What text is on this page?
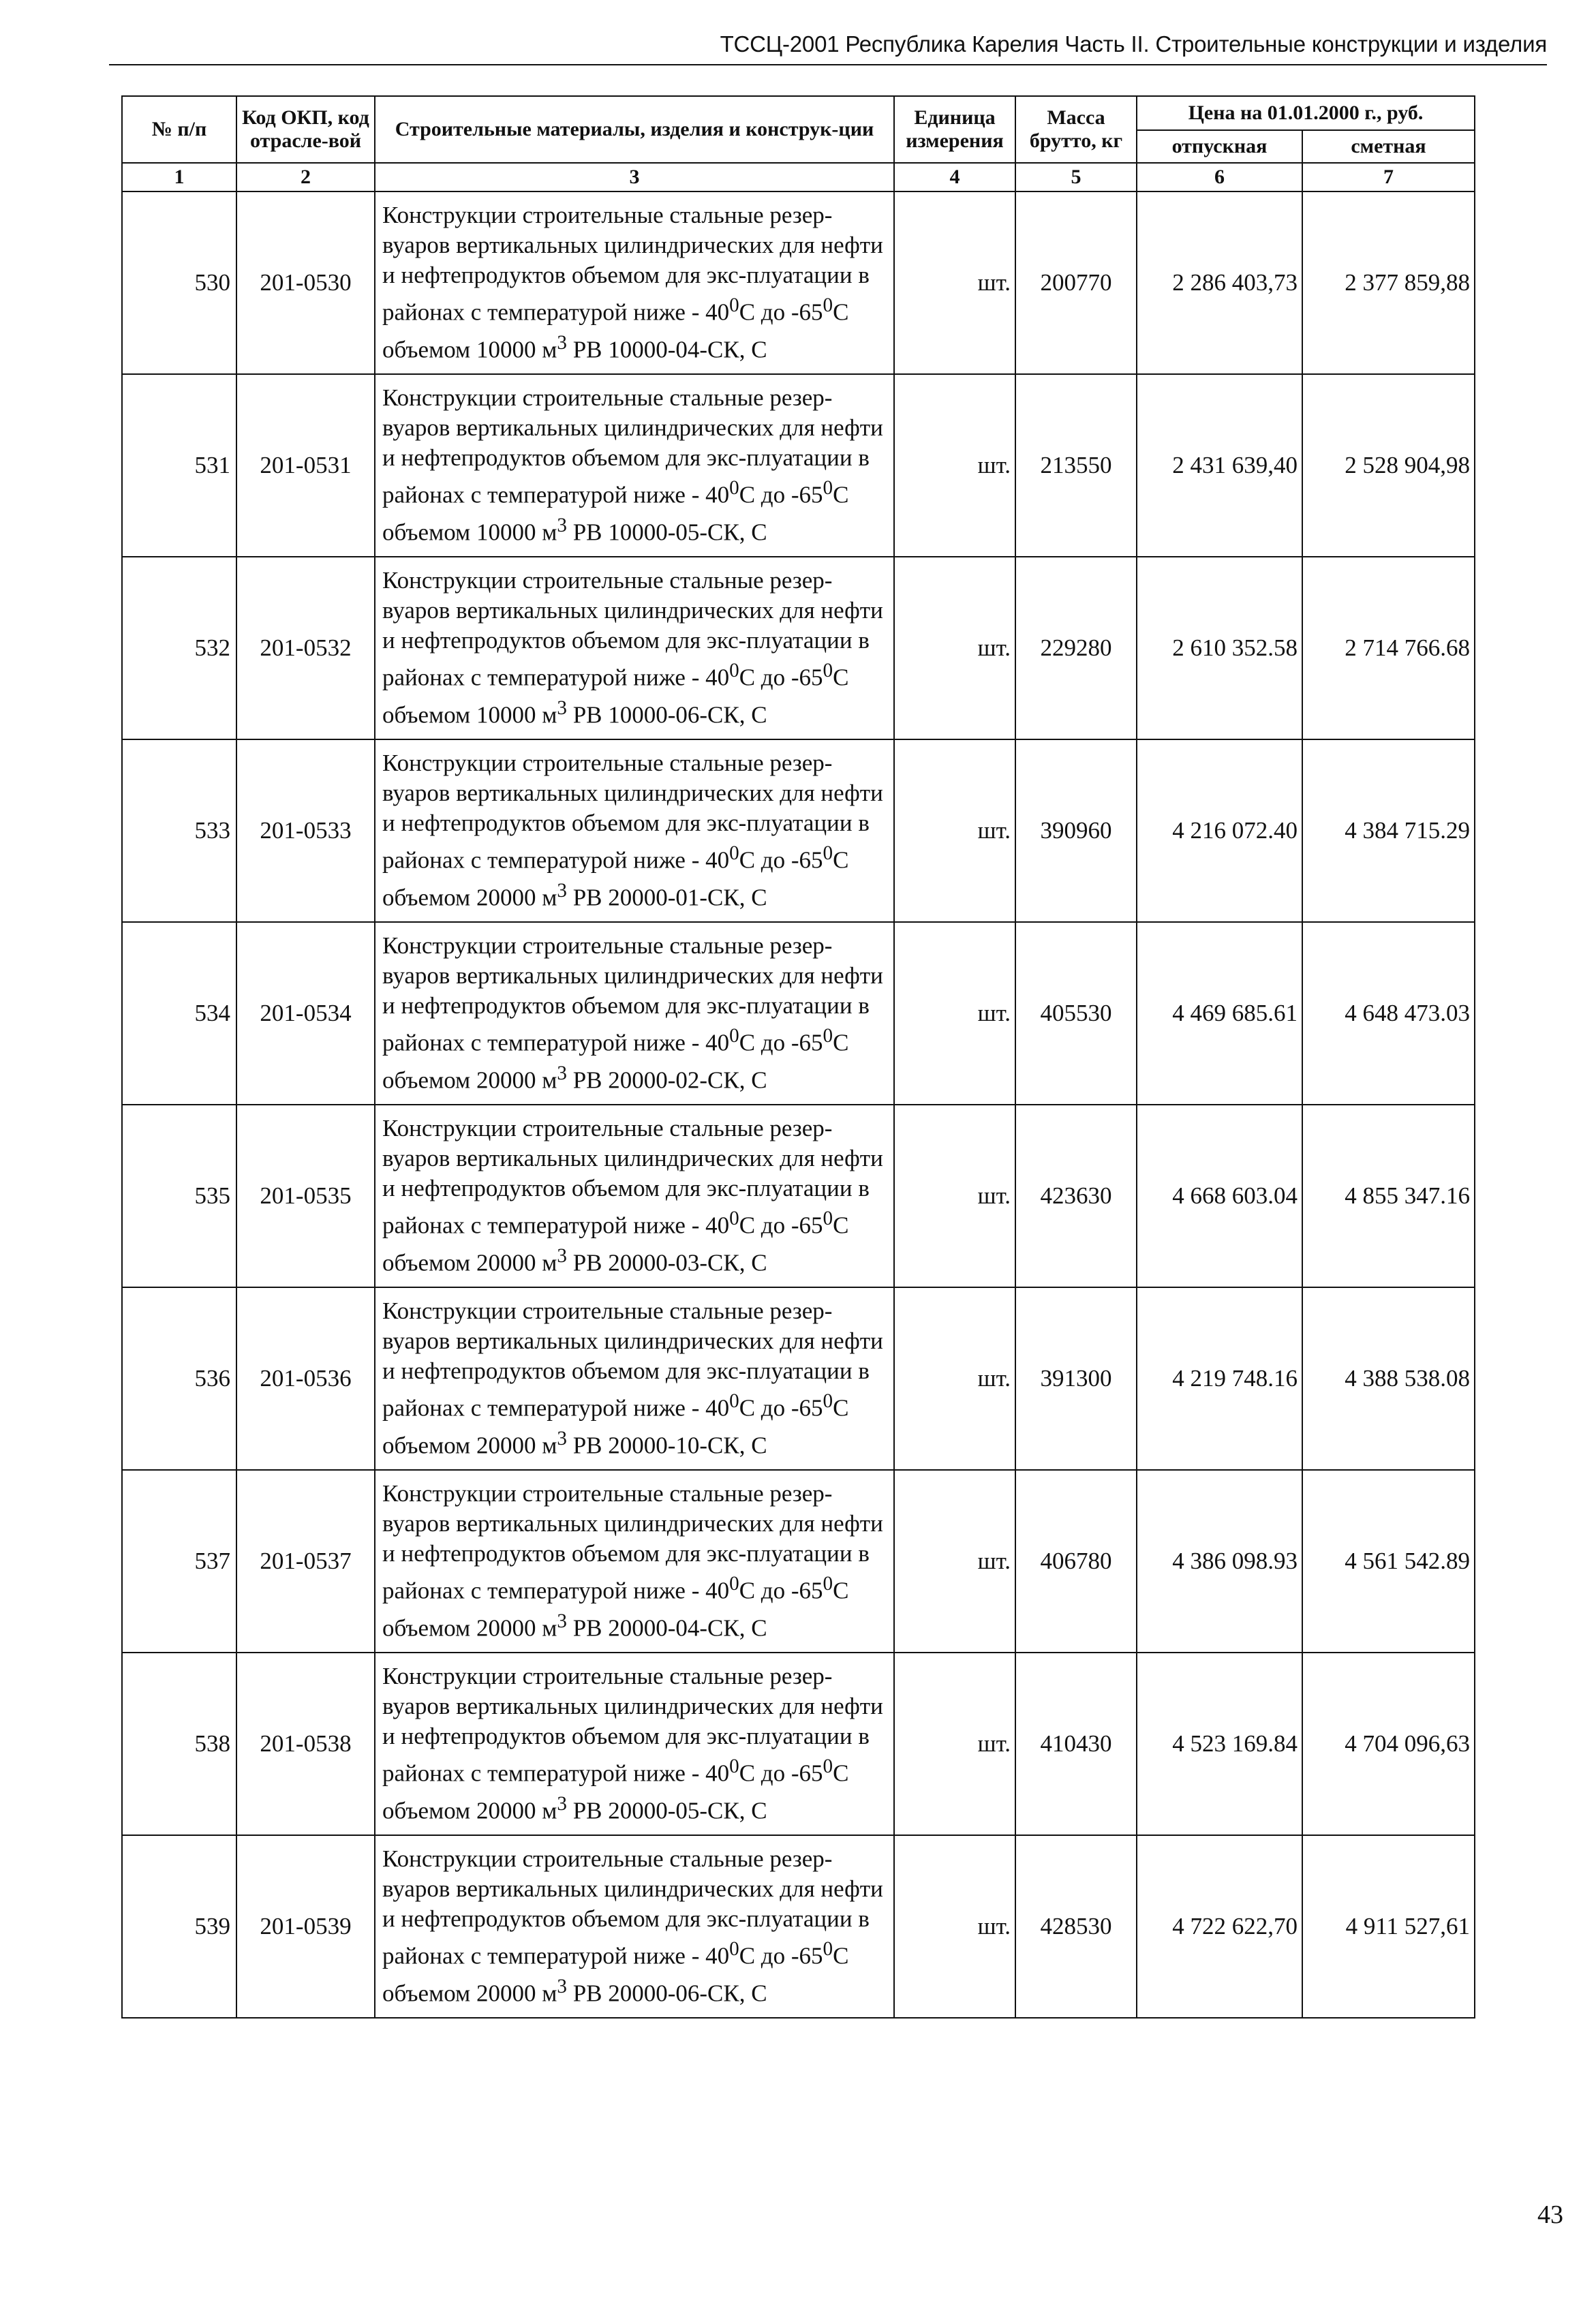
ТССЦ-2001 Республика Карелия Часть II. Строительные конструкции и изделия
№ п/п	Код ОКП, код отрасле-вой	Строительные материалы, изделия и конструк-ции	Единица измерения	Масса брутто, кг	Цена на 01.01.2000 г., руб.	
					отпускная	сметная
1	2	3	4	5	6	7
530	201-0530	Конструкции строительные стальные резер-вуаров вертикальных цилиндрических для нефти и нефтепродуктов объемом для экс-плуатации в районах с температурой ниже - $40^0С$ до $-65^0С$ объемом 10000 $м^3$ РВ 10000-04-СК, С	шт.	200770	2 286 403,73	2 377 859,88
531	201-0531	Конструкции строительные стальные резер-вуаров вертикальных цилиндрических для нефти и нефтепродуктов объемом для экс-плуатации в районах с температурой ниже - $40^0С$ до $-65^0С$ объемом 10000 $м^3$ РВ 10000-05-СК, С	шт.	213550	2 431 639,40	2 528 904,98
532	201-0532	Конструкции строительные стальные резер-вуаров вертикальных цилиндрических для нефти и нефтепродуктов объемом для экс-плуатации в районах с температурой ниже - $40^0С$ до $-65^0С$ объемом 10000 $м^3$ РВ 10000-06-СК, С	шт.	229280	2 610 352.58	2 714 766.68
533	201-0533	Конструкции строительные стальные резер-вуаров вертикальных цилиндрических для нефти и нефтепродуктов объемом для экс-плуатации в районах с температурой ниже - $40^0С$ до $-65^0С$ объемом 20000 $м^3$ РВ 20000-01-СК, С	шт.	390960	4 216 072.40	4 384 715.29
534	201-0534	Конструкции строительные стальные резер-вуаров вертикальных цилиндрических для нефти и нефтепродуктов объемом для экс-плуатации в районах с температурой ниже - $40^0С$ до $-65^0С$ объемом 20000 $м^3$ РВ 20000-02-СК, С	шт.	405530	4 469 685.61	4 648 473.03
535	201-0535	Конструкции строительные стальные резер-вуаров вертикальных цилиндрических для нефти и нефтепродуктов объемом для экс-плуатации в районах с температурой ниже - $40^0С$ до $-65^0С$ объемом 20000 $м^3$ РВ 20000-03-СК, С	шт.	423630	4 668 603.04	4 855 347.16
536	201-0536	Конструкции строительные стальные резер-вуаров вертикальных цилиндрических для нефти и нефтепродуктов объемом для экс-плуатации в районах с температурой ниже - $40^0С$ до $-65^0С$ объемом 20000 $м^3$ РВ 20000-10-СК, С	шт.	391300	4 219 748.16	4 388 538.08
537	201-0537	Конструкции строительные стальные резер-вуаров вертикальных цилиндрических для нефти и нефтепродуктов объемом для экс-плуатации в районах с температурой ниже - $40^0С$ до $-65^0С$ объемом 20000 $м^3$ РВ 20000-04-СК, С	шт.	406780	4 386 098.93	4 561 542.89
538	201-0538	Конструкции строительные стальные резер-вуаров вертикальных цилиндрических для нефти и нефтепродуктов объемом для экс-плуатации в районах с температурой ниже - $40^0С$ до $-65^0С$ объемом 20000 $м^3$ РВ 20000-05-СК, С	шт.	410430	4 523 169.84	4 704 096,63
539	201-0539	Конструкции строительные стальные резер-вуаров вертикальных цилиндрических для нефти и нефтепродуктов объемом для экс-плуатации в районах с температурой ниже - $40^0С$ до $-65^0С$ объемом 20000 $м^3$ РВ 20000-06-СК, С	шт.	428530	4 722 622,70	4 911 527,61
43
